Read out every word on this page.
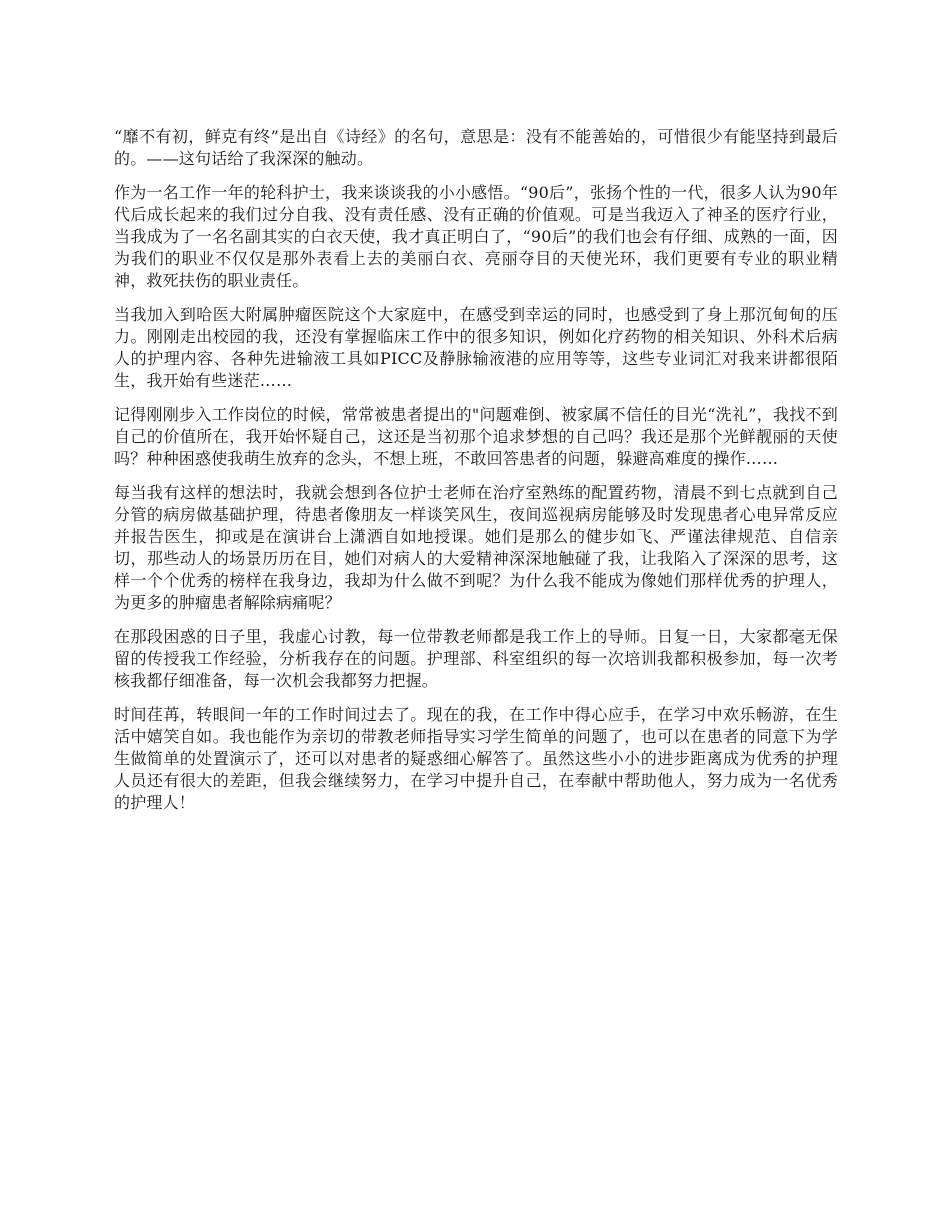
“靡不有初，鲜克有终”是出自《诗经》的名句，意思是：没有不能善始的，可惜很少有能坚持到最后的。——这句话给了我深深的触动。

作为一名工作一年的轮科护士，我来谈谈我的小小感悟。“90后”，张扬个性的一代，很多人认为90年代后成长起来的我们过分自我、没有责任感、没有正确的价值观。可是当我迈入了神圣的医疗行业，当我成为了一名名副其实的白衣天使，我才真正明白了，“90后”的我们也会有仔细、成熟的一面，因为我们的职业不仅仅是那外表看上去的美丽白衣、亮丽夺目的天使光环，我们更要有专业的职业精神，救死扶伤的职业责任。

当我加入到哈医大附属肿瘤医院这个大家庭中，在感受到幸运的同时，也感受到了身上那沉甸甸的压力。刚刚走出校园的我，还没有掌握临床工作中的很多知识，例如化疗药物的相关知识、外科术后病人的护理内容、各种先进输液工具如PICC及静脉输液港的应用等等，这些专业词汇对我来讲都很陌生，我开始有些迷茫……

记得刚刚步入工作岗位的时候，常常被患者提出的"问题难倒、被家属不信任的目光“洗礼”，我找不到自己的价值所在，我开始怀疑自己，这还是当初那个追求梦想的自己吗？我还是那个光鲜靓丽的天使吗？种种困惑使我萌生放弃的念头，不想上班，不敢回答患者的问题，躲避高难度的操作……

每当我有这样的想法时，我就会想到各位护士老师在治疗室熟练的配置药物，清晨不到七点就到自己分管的病房做基础护理，待患者像朋友一样谈笑风生，夜间巡视病房能够及时发现患者心电异常反应并报告医生，抑或是在演讲台上潇洒自如地授课。她们是那么的健步如飞、严谨法律规范、自信亲切，那些动人的场景历历在目，她们对病人的大爱精神深深地触碰了我，让我陷入了深深的思考，这样一个个优秀的榜样在我身边，我却为什么做不到呢？为什么我不能成为像她们那样优秀的护理人，为更多的肿瘤患者解除病痛呢？

在那段困惑的日子里，我虚心讨教，每一位带教老师都是我工作上的导师。日复一日，大家都毫无保留的传授我工作经验，分析我存在的问题。护理部、科室组织的每一次培训我都积极参加，每一次考核我都仔细准备，每一次机会我都努力把握。

时间荏苒，转眼间一年的工作时间过去了。现在的我，在工作中得心应手，在学习中欢乐畅游，在生活中嬉笑自如。我也能作为亲切的带教老师指导实习学生简单的问题了，也可以在患者的同意下为学生做简单的处置演示了，还可以对患者的疑惑细心解答了。虽然这些小小的进步距离成为优秀的护理人员还有很大的差距，但我会继续努力，在学习中提升自己，在奉献中帮助他人，努力成为一名优秀的护理人！
